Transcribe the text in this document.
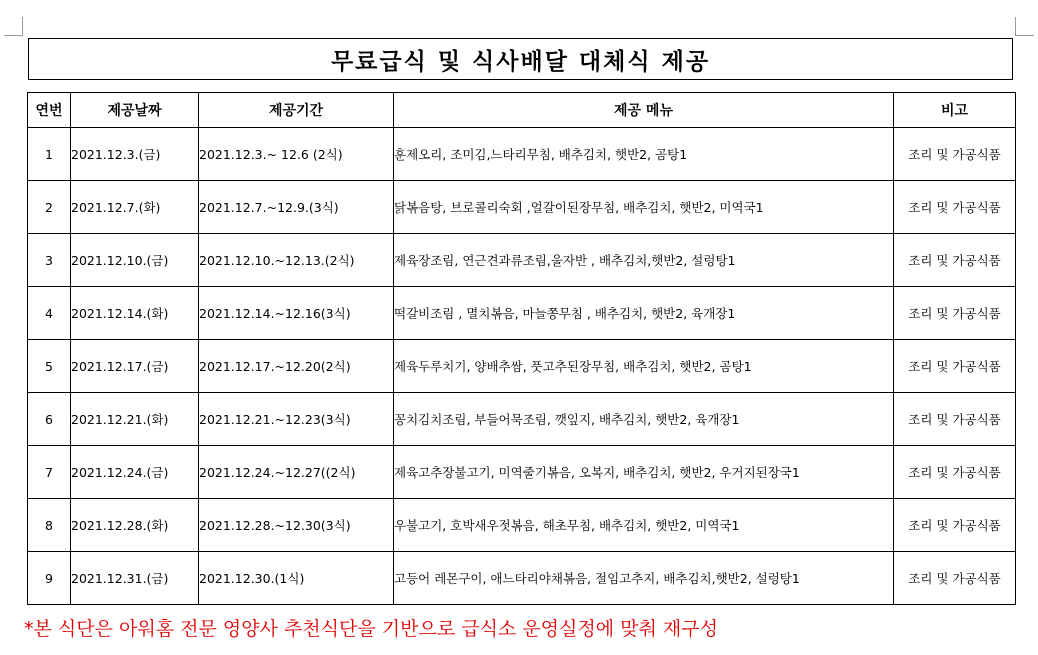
무료급식 및 식사배달 대체식 제공
연번	제공날짜	제공기간	제공 메뉴	비고
1	2021.12.3.(금)	2021.12.3.~ 12.6 (2식)	훈제오리, 조미김,느타리무침, 배추김치, 햇반2, 곰탕1	조리 및 가공식품
2	2021.12.7.(화)	2021.12.7.~12.9.(3식)	닭볶음탕, 브로콜리숙회 ,얼갈이된장무침, 배추김치, 햇반2, 미역국1	조리 및 가공식품
3	2021.12.10.(금)	2021.12.10.~12.13.(2식)	제육장조림, 연근견과류조림,울자반 , 배추김치,햇반2, 설렁탕1	조리 및 가공식품
4	2021.12.14.(화)	2021.12.14.~12.16(3식)	떡갈비조림 , 멸치볶음, 마늘쫑무침 , 배추김치, 햇반2, 육개장1	조리 및 가공식품
5	2021.12.17.(금)	2021.12.17.~12.20(2식)	제육두루치기, 양배추쌈, 풋고추된장무침, 배추김치, 햇반2, 곰탕1	조리 및 가공식품
6	2021.12.21.(화)	2021.12.21.~12.23(3식)	꽁치김치조림, 부들어묵조림, 깻잎지, 배추김치, 햇반2, 육개장1	조리 및 가공식품
7	2021.12.24.(금)	2021.12.24.~12.27((2식)	제육고추장불고기, 미역줄기볶음, 오복지, 배추김치, 햇반2, 우거지된장국1	조리 및 가공식품
8	2021.12.28.(화)	2021.12.28.~12.30(3식)	우불고기, 호박새우젓볶음, 해초무침, 배추김치, 햇반2, 미역국1	조리 및 가공식품
9	2021.12.31.(금)	2021.12.30.(1식)	고등어 레몬구이, 애느타리야채볶음, 절임고추지, 배추김치,햇반2, 설렁탕1	조리 및 가공식품
*본 식단은 아워홈 전문 영양사 추천식단을 기반으로 급식소 운영실정에 맞춰 재구성
